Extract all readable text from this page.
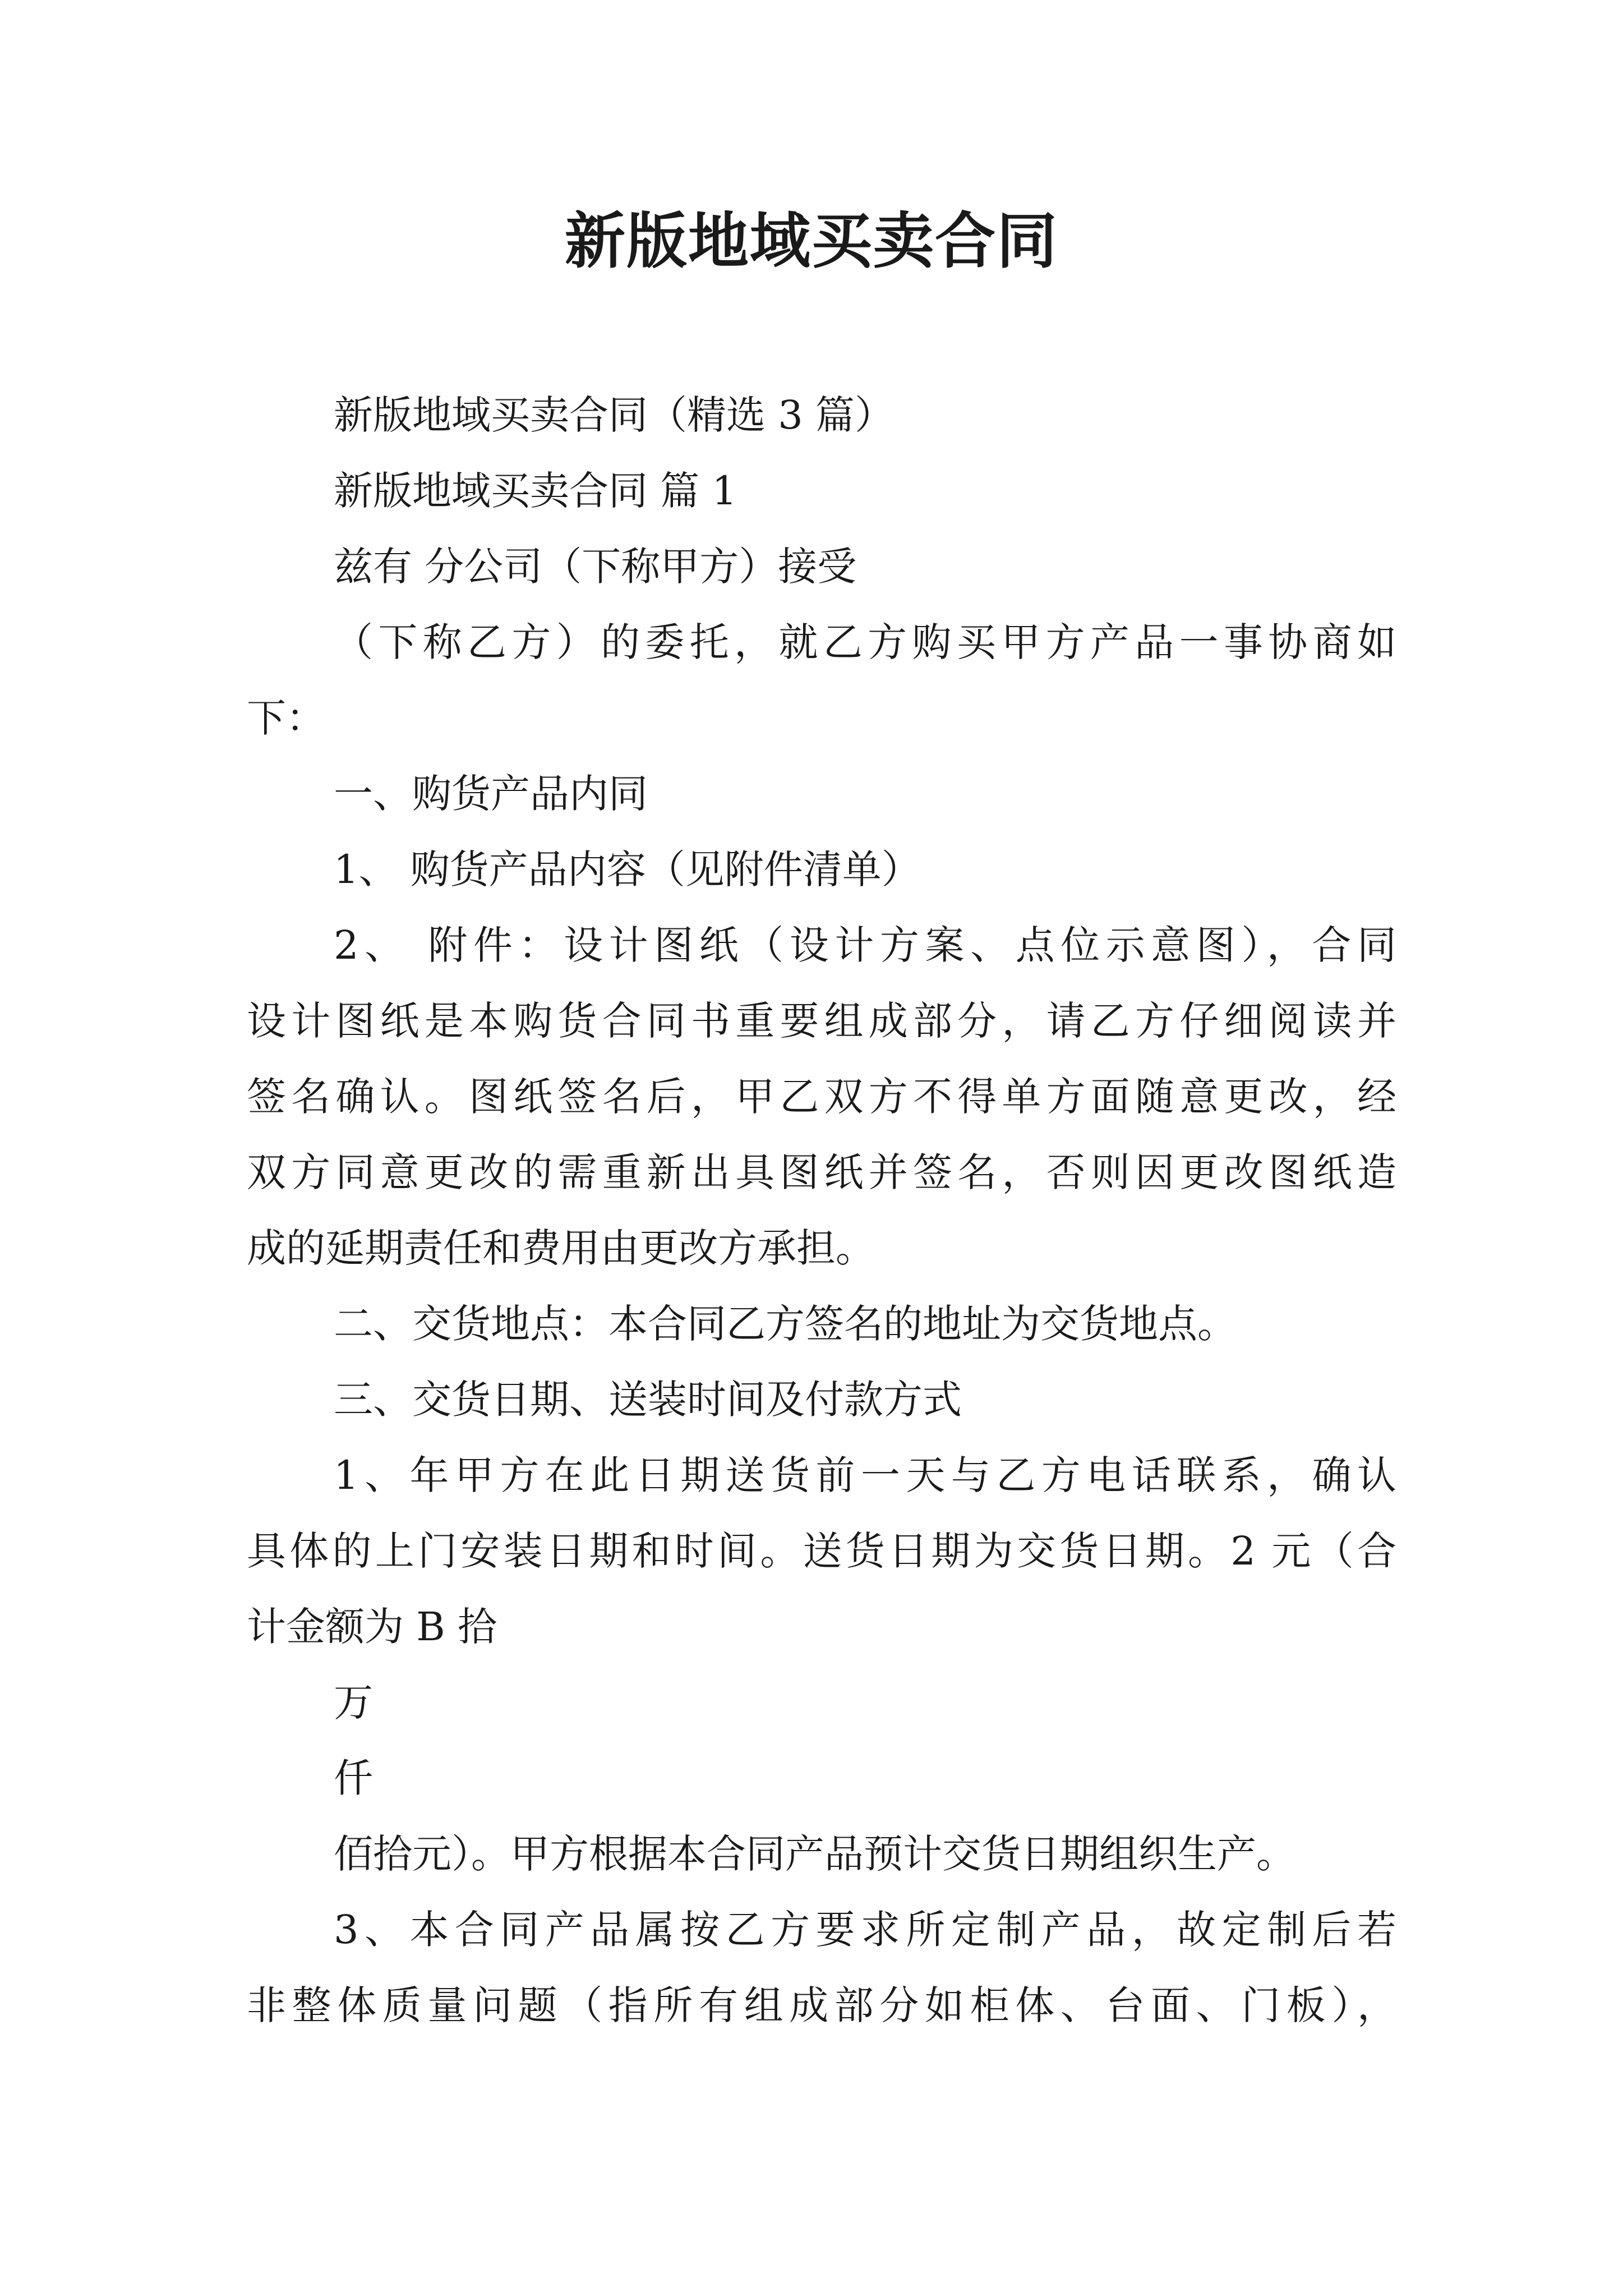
新版地域买卖合同

新版地域买卖合同（精选 3 篇）

新版地域买卖合同 篇 1

兹有 分公司（下称甲方）接受

（下称乙方）的委托，就乙方购买甲方产品一事协商如

下：

一、购货产品内同

1、 购货产品内容（见附件清单）

2、 附件：设计图纸（设计方案、点位示意图），合同

设计图纸是本购货合同书重要组成部分，请乙方仔细阅读并

签名确认。图纸签名后，甲乙双方不得单方面随意更改，经

双方同意更改的需重新出具图纸并签名，否则因更改图纸造

成的延期责任和费用由更改方承担。

二、交货地点：本合同乙方签名的地址为交货地点。

三、交货日期、送装时间及付款方式

1、年甲方在此日期送货前一天与乙方电话联系，确认

具体的上门安装日期和时间。送货日期为交货日期。2 元（合

计金额为 B 拾

万

仟

佰拾元）。甲方根据本合同产品预计交货日期组织生产。

3、本合同产品属按乙方要求所定制产品，故定制后若

非整体质量问题（指所有组成部分如柜体、台面、门板），
